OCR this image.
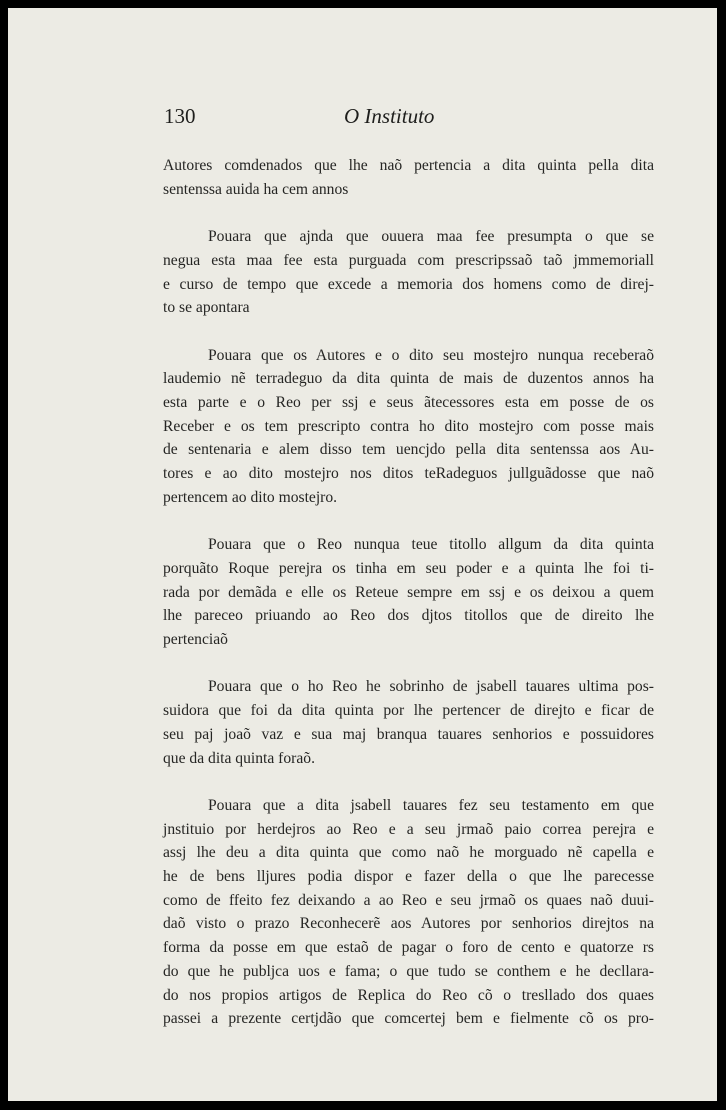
130	O Instituto
Autores comdenados que lhe naõ pertencia a dita quinta pella dita
sentenssa auida ha cem annos
Pouara que ajnda que ouuera maa fee presumpta o que se
negua esta maa fee esta purguada com prescripssaõ taõ jmmemoriall
e curso de tempo que excede a memoria dos homens como de direj-
to se apontara
Pouara que os Autores e o dito seu mostejro nunqua receberaõ
laudemio nẽ terradeguo da dita quinta de mais de duzentos annos ha
esta parte e o Reo per ssj e seus ãtecessores esta em posse de os
Receber e os tem prescripto contra ho dito mostejro com posse mais
de sentenaria e alem disso tem uencjdo pella dita sentenssa aos Au-
tores e ao dito mostejro nos ditos teRadeguos jullguãdosse que naõ
pertencem ao dito mostejro.
Pouara que o Reo nunqua teue titollo allgum da dita quinta
porquãto Roque perejra os tinha em seu poder e a quinta lhe foi ti-
rada por demãda e elle os Reteue sempre em ssj e os deixou a quem
lhe pareceo priuando ao Reo dos djtos titollos que de direito lhe
pertenciaõ
Pouara que o ho Reo he sobrinho de jsabell tauares ultima pos-
suidora que foi da dita quinta por lhe pertencer de direjto e ficar de
seu paj joaõ vaz e sua maj branqua tauares senhorios e possuidores
que da dita quinta foraõ.
Pouara que a dita jsabell tauares fez seu testamento em que
jnstituio por herdejros ao Reo e a seu jrmaõ paio correa perejra e
assj lhe deu a dita quinta que como naõ he morguado nẽ capella e
he de bens lljures podia dispor e fazer della o que lhe parecesse
como de ffeito fez deixando a ao Reo e seu jrmaõ os quaes naõ duui-
daõ visto o prazo Reconhecerẽ aos Autores por senhorios direjtos na
forma da posse em que estaõ de pagar o foro de cento e quatorze rs
do que he publjca uos e fama; o que tudo se conthem e he decllara-
do nos propios artigos de Replica do Reo cõ o tresllado dos quaes
passei a prezente certjdão que comcertej bem e fielmente cõ os pro-
